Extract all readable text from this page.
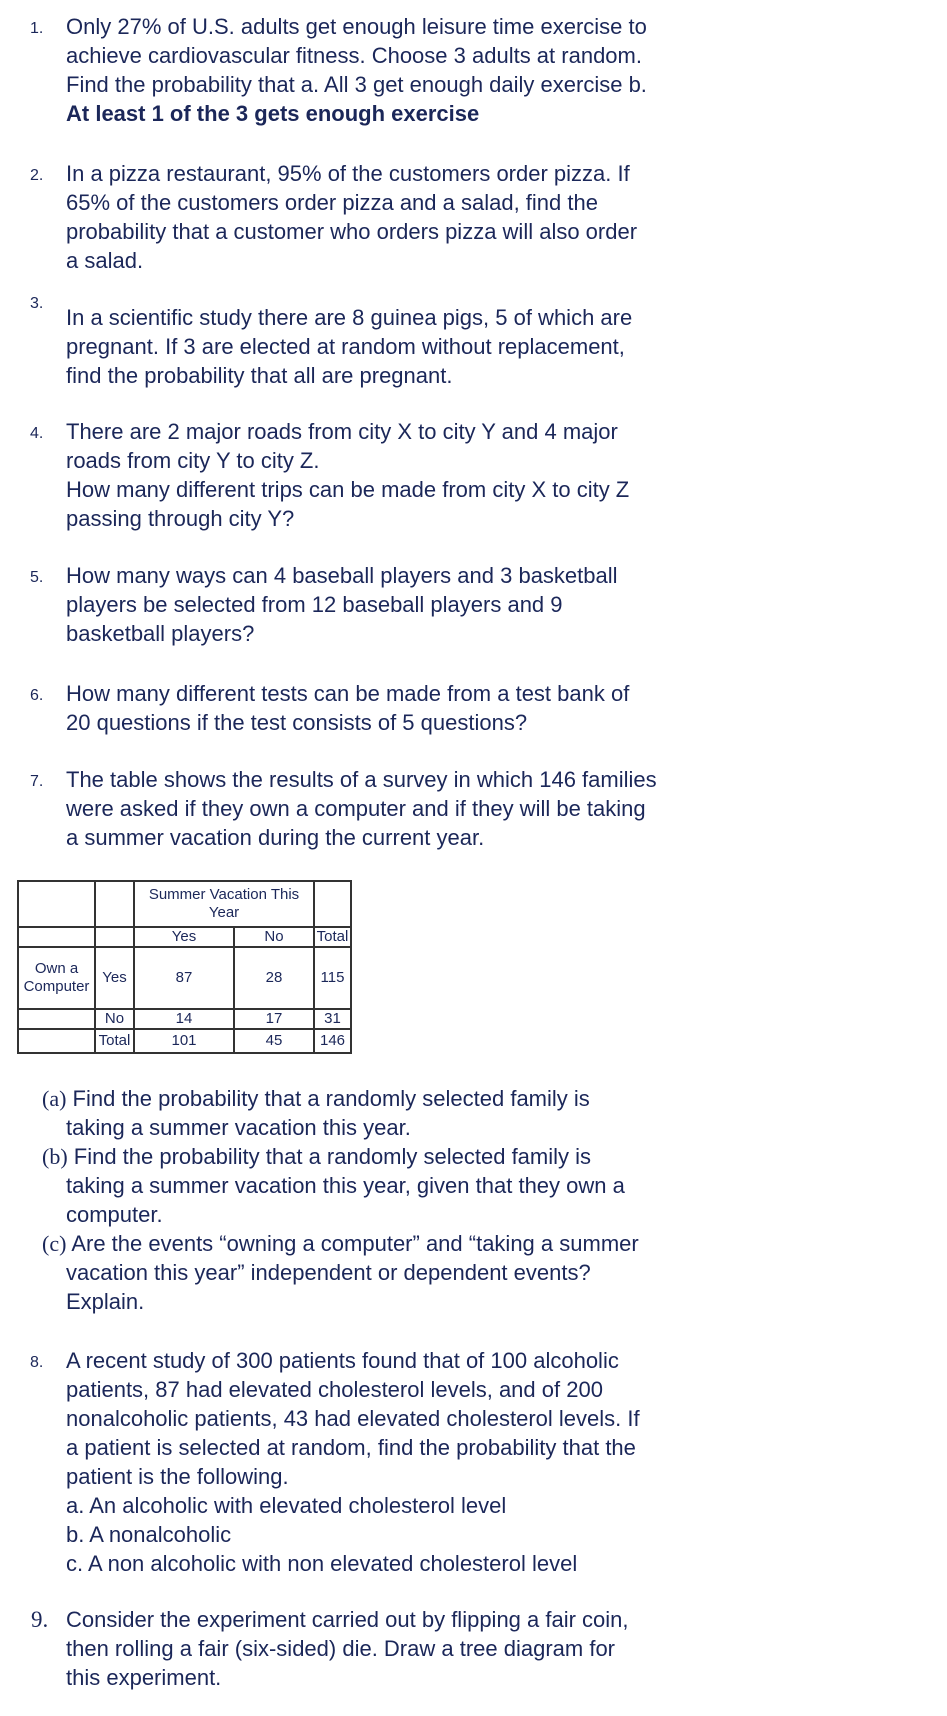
1. Only 27% of U.S. adults get enough leisure time exercise to
achieve cardiovascular fitness. Choose 3 adults at random.
Find the probability that a. All 3 get enough daily exercise b.
At least 1 of the 3 gets enough exercise
2. In a pizza restaurant, 95% of the customers order pizza. If
65% of the customers order pizza and a salad, find the
probability that a customer who orders pizza will also order
a salad.
3.
In a scientific study there are 8 guinea pigs, 5 of which are
pregnant. If 3 are elected at random without replacement,
find the probability that all are pregnant.
4. There are 2 major roads from city X to city Y and 4 major
roads from city Y to city Z.
How many different trips can be made from city X to city Z
passing through city Y?
5. How many ways can 4 baseball players and 3 basketball
players be selected from 12 baseball players and 9
basketball players?
6. How many different tests can be made from a test bank of
20 questions if the test consists of 5 questions?
7. The table shows the results of a survey in which 146 families
were asked if they own a computer and if they will be taking
a summer vacation during the current year.
(a) Find the probability that a randomly selected family is
taking a summer vacation this year.
(b) Find the probability that a randomly selected family is
taking a summer vacation this year, given that they own a
computer.
(c) Are the events “owning a computer” and “taking a summer
vacation this year” independent or dependent events?
Explain.
8. A recent study of 300 patients found that of 100 alcoholic
patients, 87 had elevated cholesterol levels, and of 200
nonalcoholic patients, 43 had elevated cholesterol levels. If
a patient is selected at random, find the probability that the
patient is the following.
a. An alcoholic with elevated cholesterol level
b. A nonalcoholic
c. A non alcoholic with non elevated cholesterol level
9. Consider the experiment carried out by flipping a fair coin,
then rolling a fair (six-sided) die. Draw a tree diagram for
this experiment.
		Summer Vacation This Year		
		Yes	No	Total
Own a Computer	Yes	87	28	115
	No	14	17	31
	Total	101	45	146
